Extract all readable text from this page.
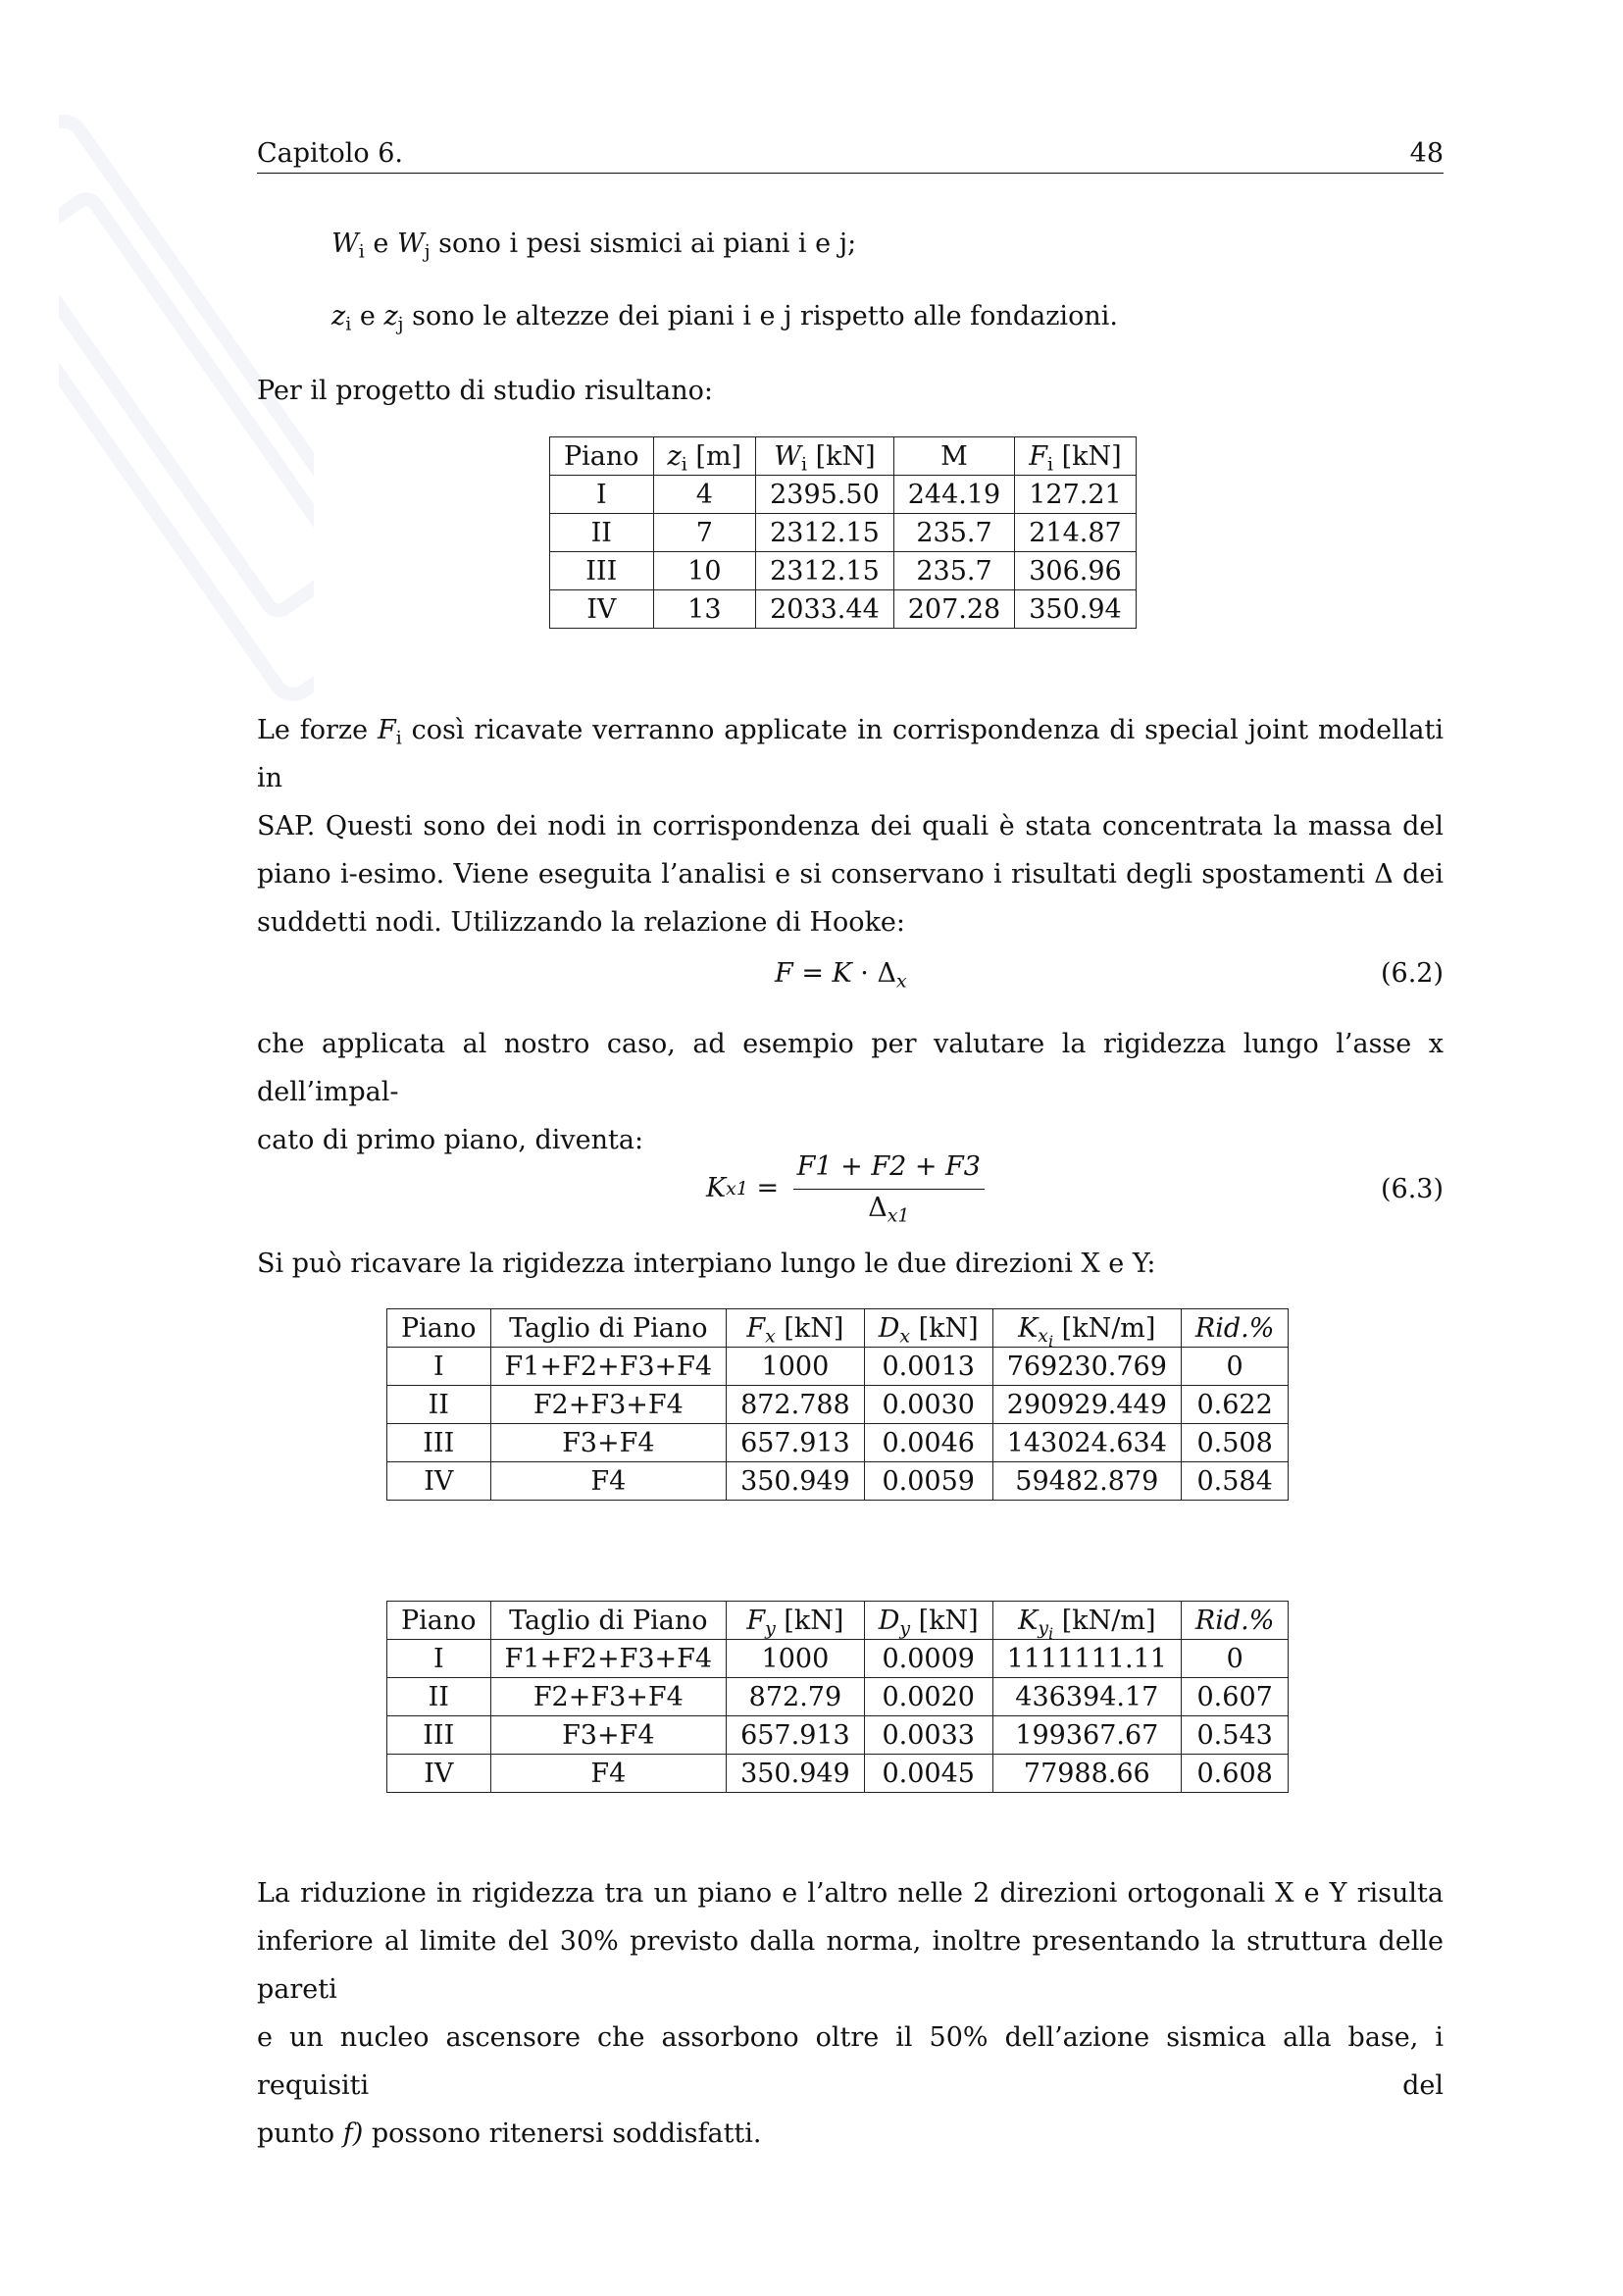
Capitolo 6.	48
$W_i$ e $W_j$ sono i pesi sismici ai piani i e j;
$z_i$ e $z_j$ sono le altezze dei piani i e j rispetto alle fondazioni.
Per il progetto di studio risultano:
Piano	$z_i$ [m]	$W_i$ [kN]	M	$F_i$ [kN]
I	4	2395.50	244.19	127.21
II	7	2312.15	235.7	214.87
III	10	2312.15	235.7	306.96
IV	13	2033.44	207.28	350.94
Le forze $F_i$ così ricavate verranno applicate in corrispondenza di special joint modellati in
SAP. Questi sono dei nodi in corrispondenza dei quali è stata concentrata la massa del
piano i-esimo. Viene eseguita l’analisi e si conservano i risultati degli spostamenti Δ dei
suddetti nodi. Utilizzando la relazione di Hooke:
$F = K \cdot \Delta_x$	(6.2)
che applicata al nostro caso, ad esempio per valutare la rigidezza lungo l’asse x dell’impal-
cato di primo piano, diventa:
K $x1 = \frac{F1 + F2 + F3}{\Delta_{x1}}$	(6.3)
Si può ricavare la rigidezza interpiano lungo le due direzioni X e Y:
Piano	Taglio di Piano	$F_x$ [kN]	$D_x$ [kN]	$K_{x_i}$ [kN/m]	Rid.%
I	F1+F2+F3+F4	1000	0.0013	769230.769	0
II	F2+F3+F4	872.788	0.0030	290929.449	0.622
III	F3+F4	657.913	0.0046	143024.634	0.508
IV	F4	350.949	0.0059	59482.879	0.584
Piano	Taglio di Piano	$F_y$ [kN]	$D_y$ [kN]	$K_{y_i}$ [kN/m]	Rid.%
I	F1+F2+F3+F4	1000	0.0009	1111111.11	0
II	F2+F3+F4	872.79	0.0020	436394.17	0.607
III	F3+F4	657.913	0.0033	199367.67	0.543
IV	F4	350.949	0.0045	77988.66	0.608
La riduzione in rigidezza tra un piano e l’altro nelle 2 direzioni ortogonali X e Y risulta
inferiore al limite del 30% previsto dalla norma, inoltre presentando la struttura delle pareti
e un nucleo ascensore che assorbono oltre il 50% dell’azione sismica alla base, i requisiti del
punto f) possono ritenersi soddisfatti.
